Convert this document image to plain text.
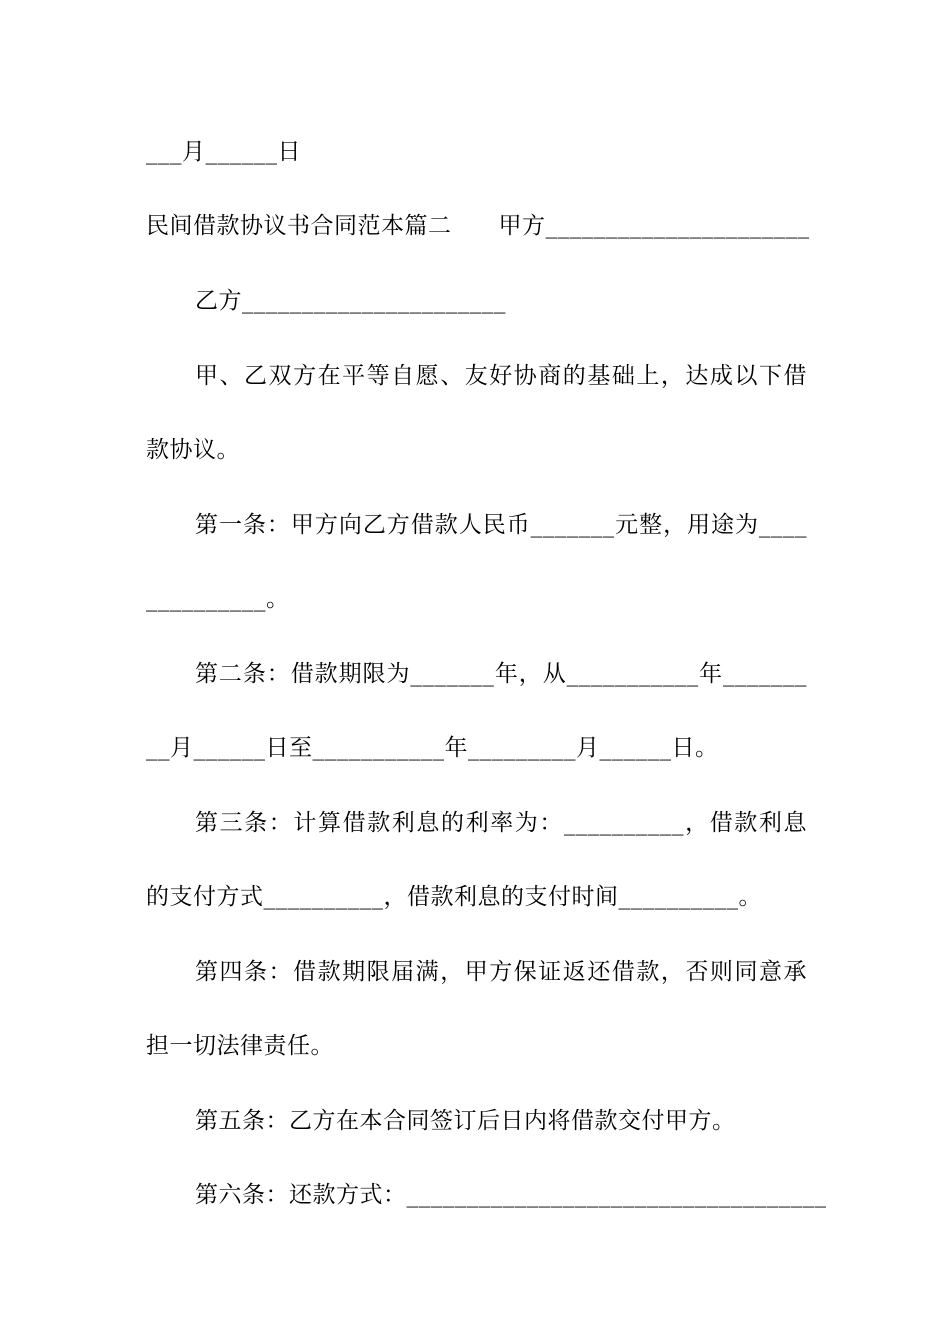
___月______日
民间借款协议书合同范本篇二　　甲方______________________
乙方______________________
甲、乙双方在平等自愿、友好协商的基础上，达成以下借
款协议。
第一条：甲方向乙方借款人民币_______元整，用途为____
__________。
第二条：借款期限为_______年，从___________年_______
__月______日至___________年_________月______日。
第三条：计算借款利息的利率为：__________，借款利息
的支付方式__________，借款利息的支付时间__________。
第四条：借款期限届满，甲方保证返还借款，否则同意承
担一切法律责任。
第五条：乙方在本合同签订后日内将借款交付甲方。
第六条：还款方式：___________________________________
